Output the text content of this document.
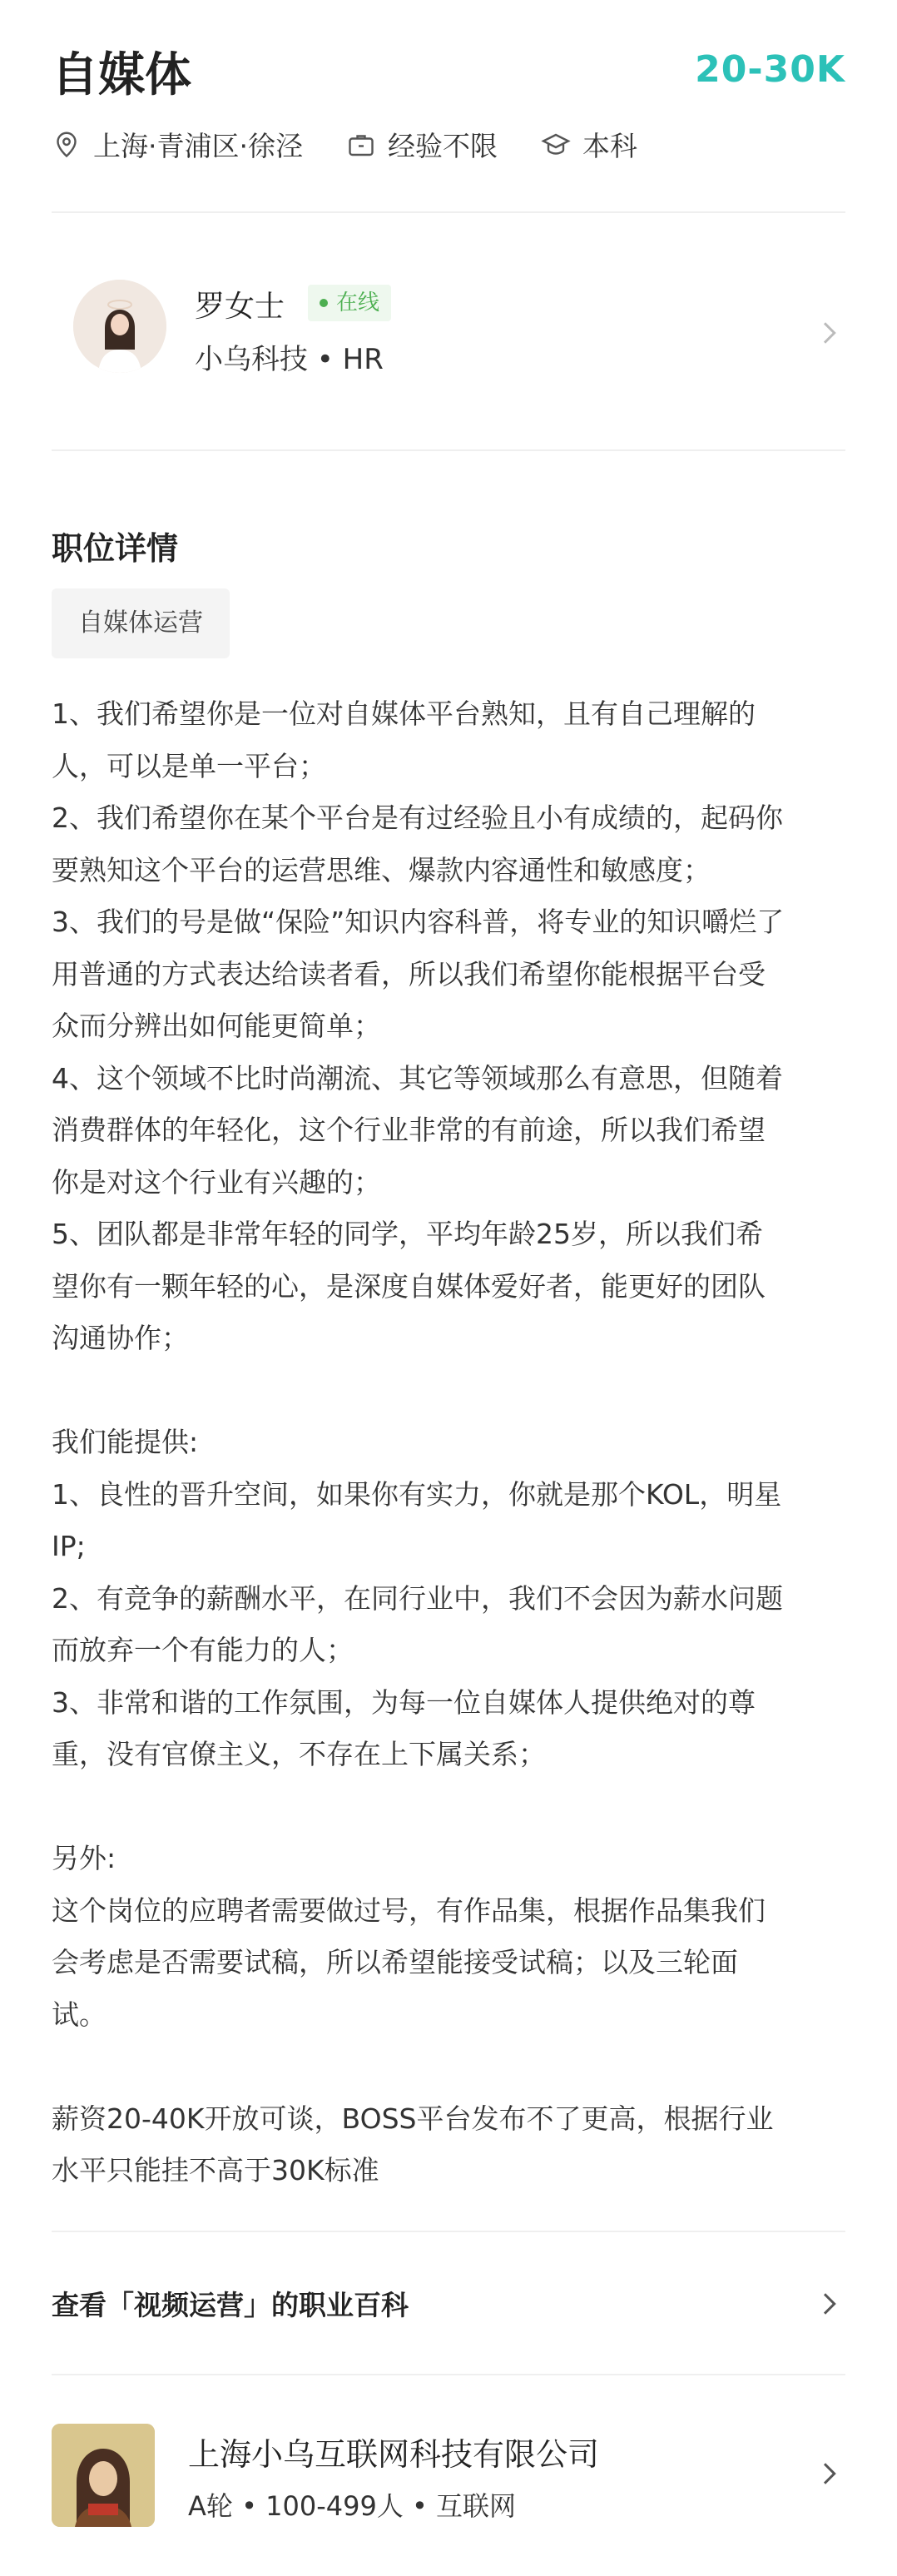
自媒体	20-30K
上海·青浦区·徐泾	经验不限	本科
罗女士	在线
小乌科技 • HR
职位详情
自媒体运营
1、我们希望你是一位对自媒体平台熟知，且有自己理解的
人，可以是单一平台；
2、我们希望你在某个平台是有过经验且小有成绩的，起码你
要熟知这个平台的运营思维、爆款内容通性和敏感度；
3、我们的号是做“保险”知识内容科普，将专业的知识嚼烂了
用普通的方式表达给读者看，所以我们希望你能根据平台受
众而分辨出如何能更简单；
4、这个领域不比时尚潮流、其它等领域那么有意思，但随着
消费群体的年轻化，这个行业非常的有前途，所以我们希望
你是对这个行业有兴趣的；
5、团队都是非常年轻的同学，平均年龄25岁，所以我们希
望你有一颗年轻的心，是深度自媒体爱好者，能更好的团队
沟通协作；

我们能提供:
1、良性的晋升空间，如果你有实力，你就是那个KOL，明星
IP;
2、有竞争的薪酬水平，在同行业中，我们不会因为薪水问题
而放弃一个有能力的人；
3、非常和谐的工作氛围，为每一位自媒体人提供绝对的尊
重，没有官僚主义，不存在上下属关系；

另外:
这个岗位的应聘者需要做过号，有作品集，根据作品集我们
会考虑是否需要试稿，所以希望能接受试稿；以及三轮面
试。

薪资20-40K开放可谈，BOSS平台发布不了更高，根据行业
水平只能挂不高于30K标准
查看「视频运营」的职业百科
上海小乌互联网科技有限公司
A轮 • 100-499人 • 互联网
